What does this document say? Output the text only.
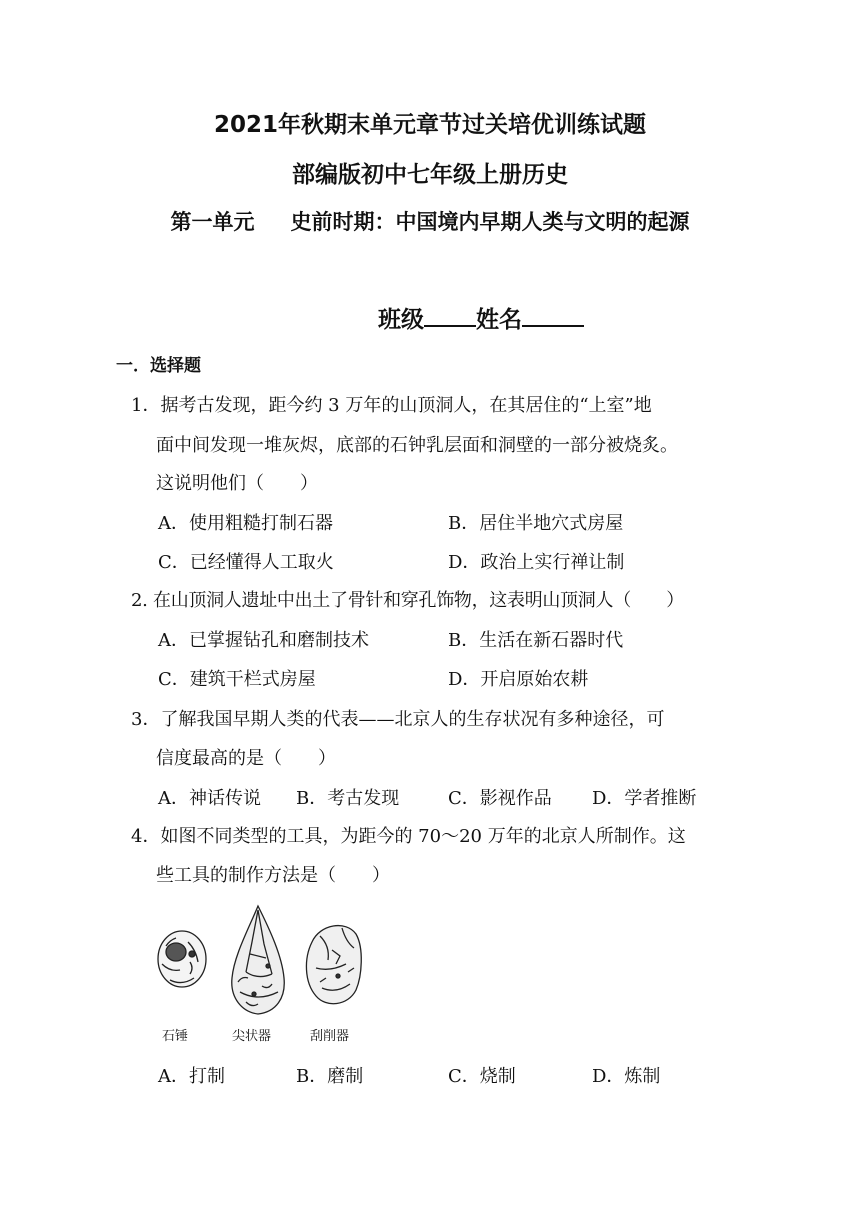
2021年秋期末单元章节过关培优训练试题
部编版初中七年级上册历史
第一单元 史前时期：中国境内早期人类与文明的起源
班级 姓名
一．选择题
1．据考古发现，距今约 3 万年的山顶洞人，在其居住的“上室”地
面中间发现一堆灰烬，底部的石钟乳层面和洞壁的一部分被烧炙。
这说明他们（　　）
A．使用粗糙打制石器	B．居住半地穴式房屋
C．已经懂得人工取火	D．政治上实行禅让制
2. 在山顶洞人遗址中出土了骨针和穿孔饰物，这表明山顶洞人（　　）
A．已掌握钻孔和磨制技术	B．生活在新石器时代
C．建筑干栏式房屋	D．开启原始农耕
3．了解我国早期人类的代表——北京人的生存状况有多种途径，可
信度最高的是（　　）
A．神话传说 B．考古发现	C．影视作品 D．学者推断
4．如图不同类型的工具，为距今的 70～20 万年的北京人所制作。这
些工具的制作方法是（　　）
石锤	尖状器	刮削器
A．打制	B．磨制	C．烧制	D．炼制
